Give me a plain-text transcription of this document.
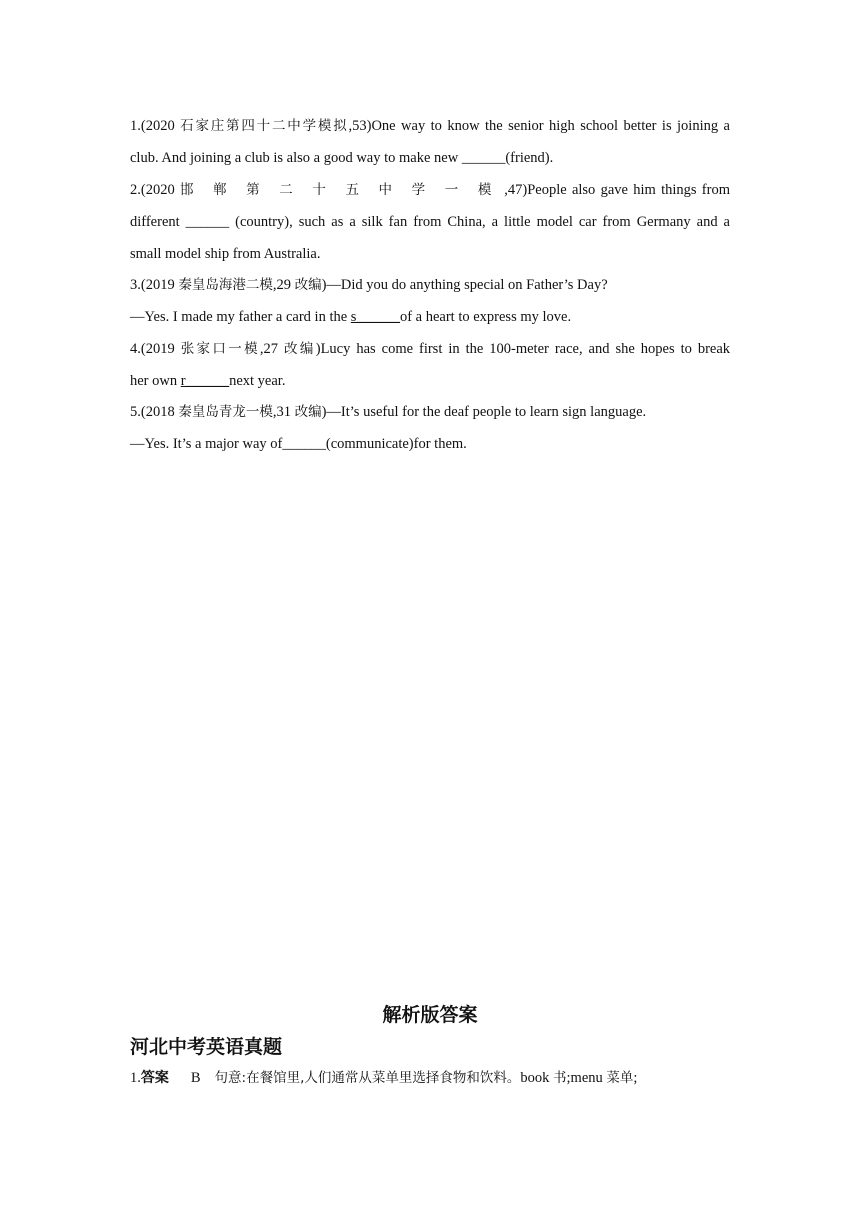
1.(2020 石家庄第四十二中学模拟,53)One way to know the senior high school better is joining a
club. And joining a club is also a good way to make new ______(friend).
2.(2020 邯 郸 第 二 十 五 中 学 一 模 ,47)People also gave him things from
different ______ (country), such as a silk fan from China, a little model car from Germany and a
small model ship from Australia.
3.(2019 秦皇岛海港二模,29 改编)—Did you do anything special on Father’s Day?
—Yes. I made my father a card in the s______of a heart to express my love.
4.(2019 张家口一模,27 改编)Lucy has come first in the 100-meter race, and she hopes to break
her own r______next year.
5.(2018 秦皇岛青龙一模,31 改编)—It’s useful for the deaf people to learn sign language.
—Yes. It’s a major way of______(communicate)for them.
解析版答案
河北中考英语真题
1.答案 B 句意:在餐馆里,人们通常从菜单里选择食物和饮料。book 书;menu 菜单;
